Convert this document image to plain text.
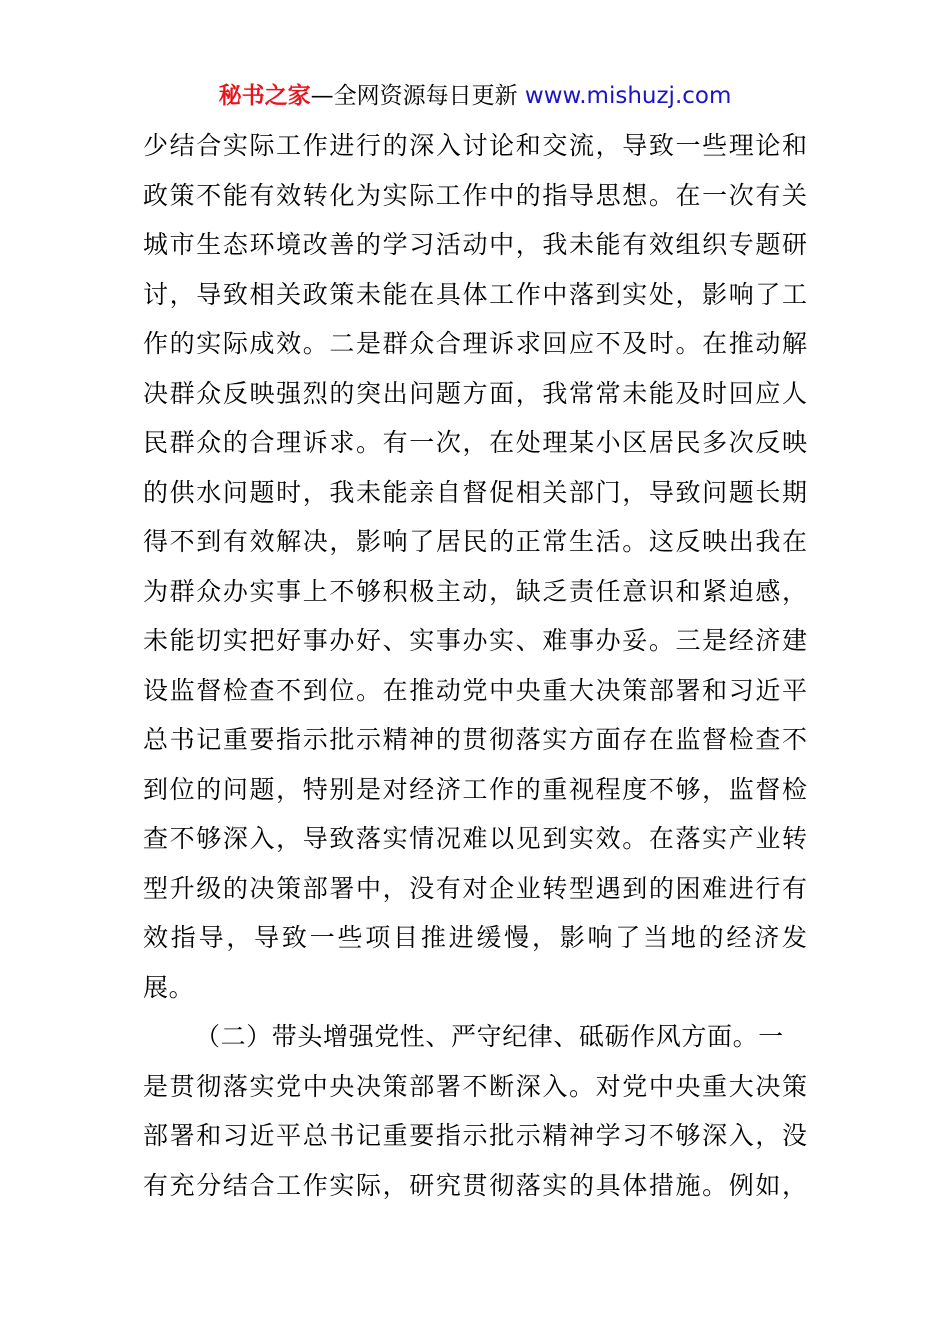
秘书之家—全网资源每日更新 www.mishuzj.com
少结合实际工作进行的深入讨论和交流，导致一些理论和
政策不能有效转化为实际工作中的指导思想。在一次有关
城市生态环境改善的学习活动中，我未能有效组织专题研
讨，导致相关政策未能在具体工作中落到实处，影响了工
作的实际成效。二是群众合理诉求回应不及时。在推动解
决群众反映强烈的突出问题方面，我常常未能及时回应人
民群众的合理诉求。有一次，在处理某小区居民多次反映
的供水问题时，我未能亲自督促相关部门，导致问题长期
得不到有效解决，影响了居民的正常生活。这反映出我在
为群众办实事上不够积极主动，缺乏责任意识和紧迫感，
未能切实把好事办好、实事办实、难事办妥。三是经济建
设监督检查不到位。在推动党中央重大决策部署和习近平
总书记重要指示批示精神的贯彻落实方面存在监督检查不
到位的问题，特别是对经济工作的重视程度不够，监督检
查不够深入，导致落实情况难以见到实效。在落实产业转
型升级的决策部署中，没有对企业转型遇到的困难进行有
效指导，导致一些项目推进缓慢，影响了当地的经济发
展。
（二）带头增强党性、严守纪律、砥砺作风方面。一
是贯彻落实党中央决策部署不断深入。对党中央重大决策
部署和习近平总书记重要指示批示精神学习不够深入，没
有充分结合工作实际，研究贯彻落实的具体措施。例如，
